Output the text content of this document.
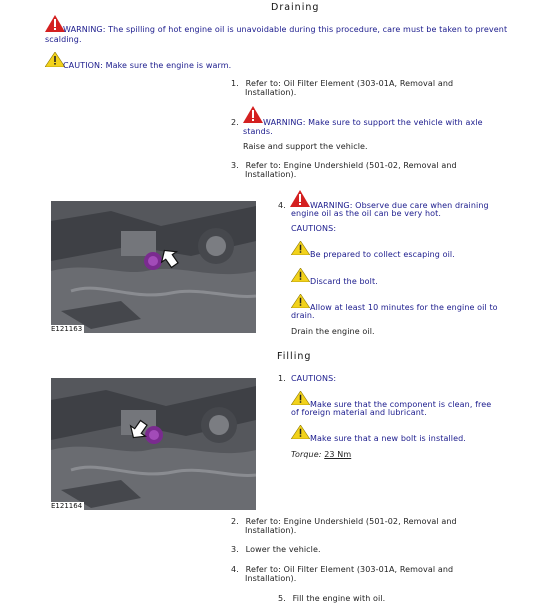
Draining
WARNING: The spilling of hot engine oil is unavoidable during this procedure, care must be taken to prevent
scalding.
CAUTION: Make sure the engine is warm.
1. Refer to: Oil Filter Element (303-01A, Removal and
Installation).
2.	WARNING: Make sure to support the vehicle with axle
stands.
Raise and support the vehicle.
3. Refer to: Engine Undershield (501-02, Removal and
Installation).
E121163
4.	WARNING: Observe due care when draining
engine oil as the oil can be very hot.
CAUTIONS:
Be prepared to collect escaping oil.
Discard the bolt.
Allow at least 10 minutes for the engine oil to
drain.
Drain the engine oil.
Filling
E121164
1. CAUTIONS:
Make sure that the component is clean, free
of foreign material and lubricant.
Make sure that a new bolt is installed.
Torque: 23 Nm
2. Refer to: Engine Undershield (501-02, Removal and
Installation).
3. Lower the vehicle.
4. Refer to: Oil Filter Element (303-01A, Removal and
Installation).
5. Fill the engine with oil.
